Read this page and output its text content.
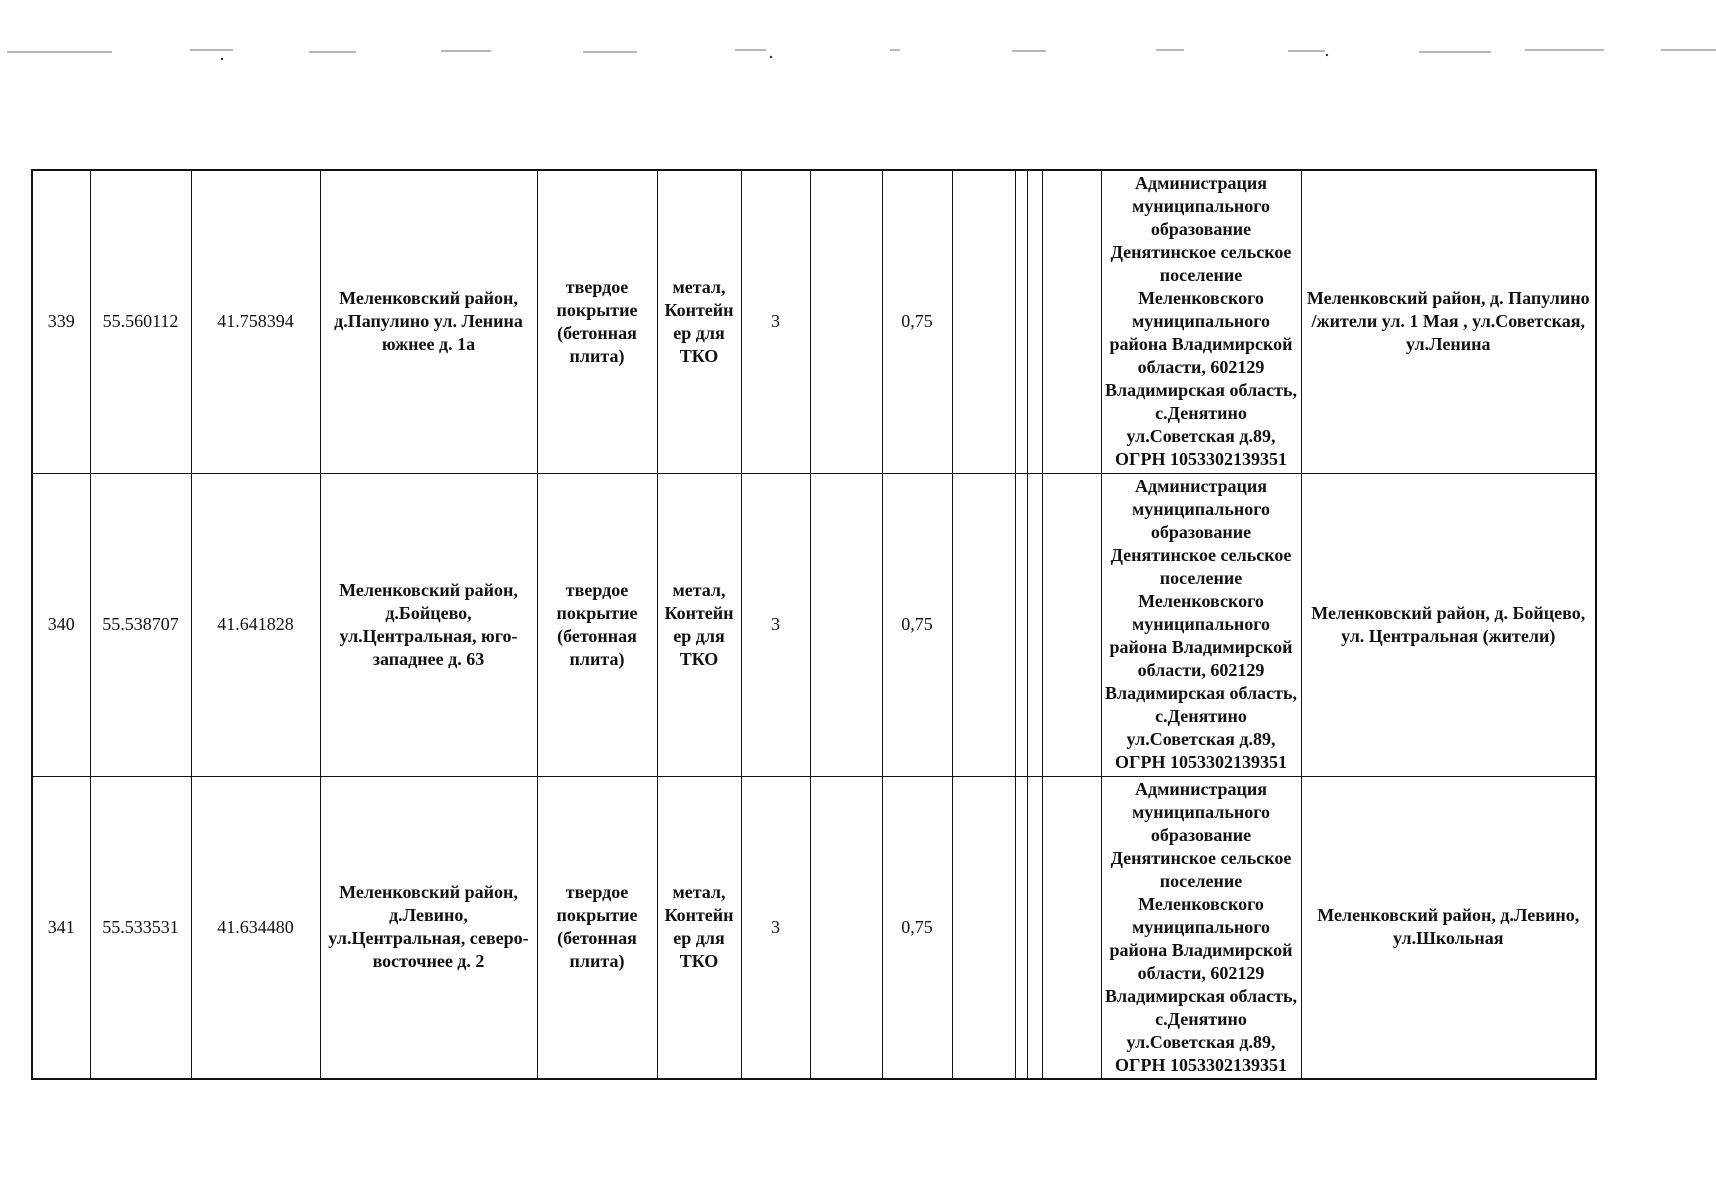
339	55.560112	41.758394	Меленковский район, д.Папулино ул. Ленина южнее д. 1а	твердое покрытие (бетонная плита)	метал, Контейнер для ТКО	3		0,75					Администрация муниципального образование Денятинское сельское поселение Меленковского муниципального района Владимирской области, 602129 Владимирская область, с.Денятино ул.Советская д.89, ОГРН 1053302139351	Меленковский район, д. Папулино /жители ул. 1 Мая , ул.Советская, ул.Ленина
340	55.538707	41.641828	Меленковский район, д.Бойцево, ул.Центральная, юго-западнее д. 63	твердое покрытие (бетонная плита)	метал, Контейнер для ТКО	3		0,75					Администрация муниципального образование Денятинское сельское поселение Меленковского муниципального района Владимирской области, 602129 Владимирская область, с.Денятино ул.Советская д.89, ОГРН 1053302139351	Меленковский район, д. Бойцево, ул. Центральная (жители)
341	55.533531	41.634480	Меленковский район, д.Левино, ул.Центральная, северо-восточнее д. 2	твердое покрытие (бетонная плита)	метал, Контейнер для ТКО	3		0,75					Администрация муниципального образование Денятинское сельское поселение Меленковского муниципального района Владимирской области, 602129 Владимирская область, с.Денятино ул.Советская д.89, ОГРН 1053302139351	Меленковский район, д.Левино, ул.Школьная
